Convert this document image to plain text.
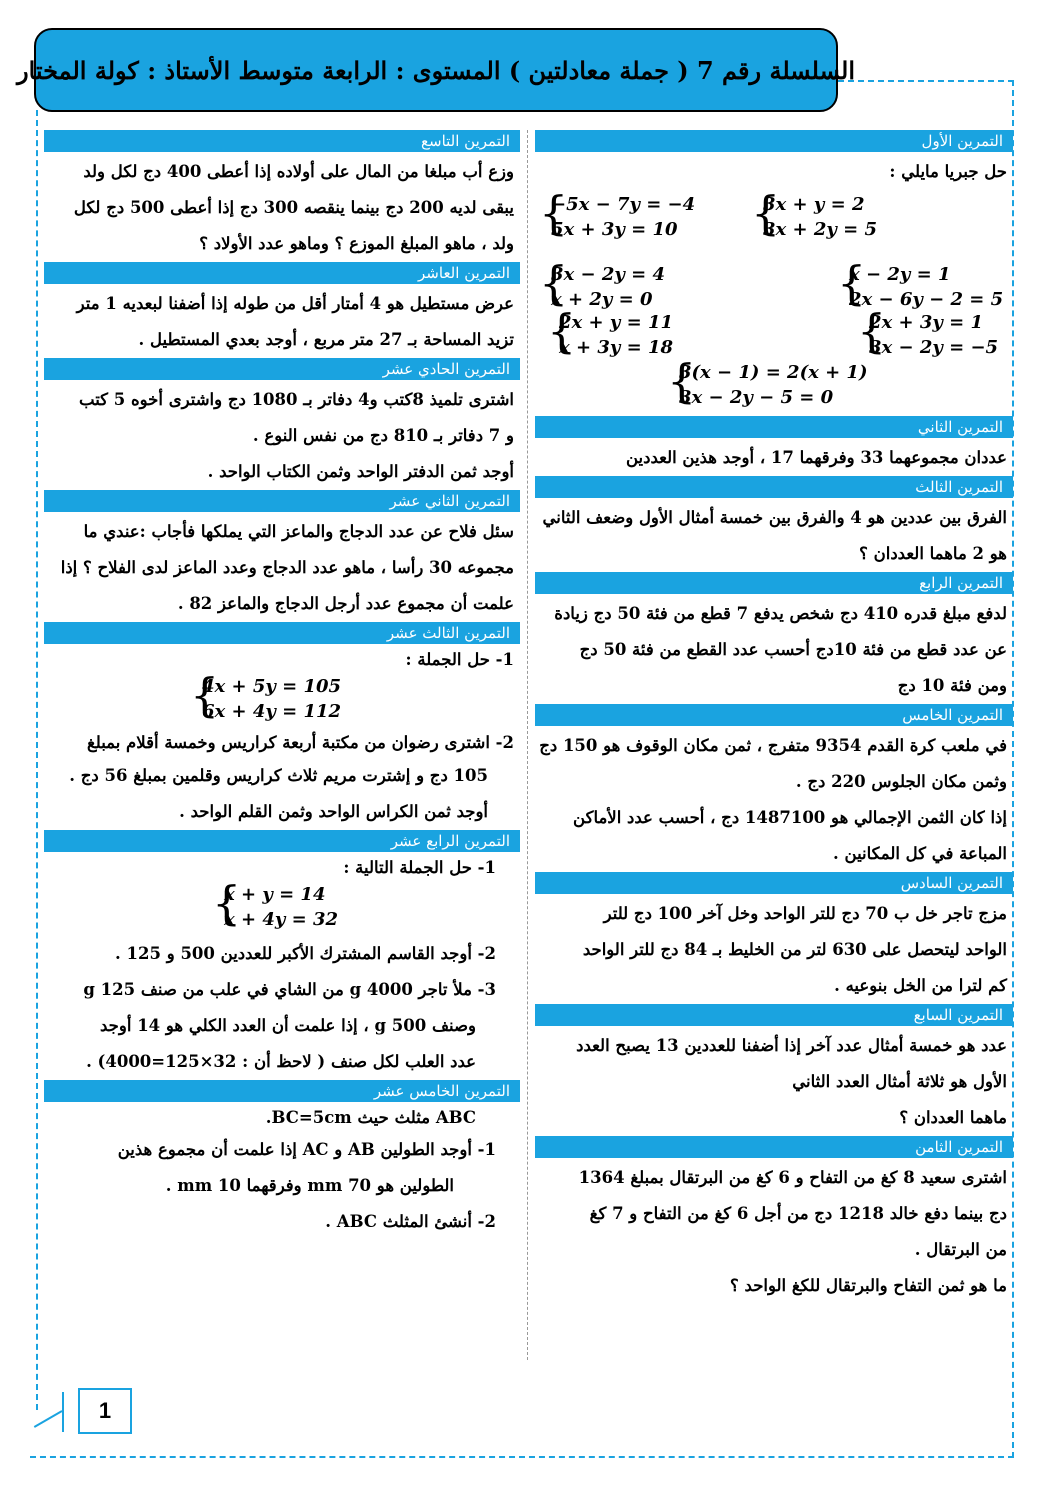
السلسلة رقم 7 ( جملة معادلتين ) المستوى : الرابعة متوسط الأستاذ : كولة المختار
التمرين الأول
حل جبريا مايلي :
{
3x + y = 2
3x + 2y = 5
{
−5x − 7y = −4
5x + 3y = 10
{
x − 2y = 1
2x − 6y − 2 = 5
{
3x − 2y = 4
x + 2y = 0
{
2x + 3y = 1
3x − 2y = −5
{
2x + y = 11
x + 3y = 18
{
3(x − 1) = 2(x + 1)
3x − 2y − 5 = 0
التمرين الثاني
عددان مجموعهما 33 وفرقهما 17 ، أوجد هذين العددين
التمرين الثالث
الفرق بين عددين هو 4 والفرق بين خمسة أمثال الأول وضعف الثاني
هو 2 ماهما العددان ؟
التمرين الرابع
لدفع مبلغ قدره 410 دج شخص يدفع 7 قطع من فئة 50 دج زيادة
عن عدد قطع من فئة 10دج أحسب عدد القطع من فئة 50 دج
ومن فئة 10 دج
التمرين الخامس
في ملعب كرة القدم 9354 متفرج ، ثمن مكان الوقوف هو 150 دج
وثمن مكان الجلوس 220 دج .
إذا كان الثمن الإجمالي هو 1487100 دج ، أحسب عدد الأماكن
المباعة في كل المكانين .
التمرين السادس
مزج تاجر خل ب 70 دج للتر الواحد وخل آخر 100 دج للتر
الواحد ليتحصل على 630 لتر من الخليط بـ 84 دج للتر الواحد
كم لترا من الخل بنوعيه .
التمرين السابع
عدد هو خمسة أمثال عدد آخر إذا أضفنا للعددين 13 يصبح العدد
الأول هو ثلاثة أمثال العدد الثاني
ماهما العددان ؟
التمرين الثامن
اشترى سعيد 8 كغ من التفاح و 6 كغ من البرتقال بمبلغ 1364
دج بينما دفع خالد 1218 دج من أجل 6 كغ من التفاح و 7 كغ
من البرتقال .
ما هو ثمن التفاح والبرتقال للكغ الواحد ؟
التمرين التاسع
وزع أب مبلغا من المال على أولاده إذا أعطى 400 دج لكل ولد
يبقى لديه 200 دج بينما ينقصه 300 دج إذا أعطى 500 دج لكل
ولد ، ماهو المبلغ الموزع ؟ وماهو عدد الأولاد ؟
التمرين العاشر
عرض مستطيل هو 4 أمتار أقل من طوله إذا أضفنا لبعديه 1 متر
تزيد المساحة بـ 27 متر مربع ، أوجد بعدي المستطيل .
التمرين الحادي عشر
اشترى تلميذ 8كتب و4 دفاتر بـ 1080 دج واشترى أخوه 5 كتب
و 7 دفاتر بـ 810 دج من نفس النوع .
أوجد ثمن الدفتر الواحد وثمن الكتاب الواحد .
التمرين الثاني عشر
سئل فلاح عن عدد الدجاج والماعز التي يملكها فأجاب :عندي ما
مجموعه 30 رأسا ، ماهو عدد الدجاج وعدد الماعز لدى الفلاح ؟ إذا
علمت أن مجموع عدد أرجل الدجاج والماعز 82 .
التمرين الثالث عشر
1- حل الجملة :
{
4x + 5y = 105
6x + 4y = 112
2- اشترى رضوان من مكتبة أربعة كراريس وخمسة أقلام بمبلغ
105 دج و إشترت مريم ثلاث كراريس وقلمين بمبلغ 56 دج .
أوجد ثمن الكراس الواحد وثمن القلم الواحد .
التمرين الرابع عشر
1- حل الجملة التالية :
{
x + y = 14
x + 4y = 32
2- أوجد القاسم المشترك الأكبر للعددين 500 و 125 .
3- ملأ تاجر 4000 g من الشاي في علب من صنف 125 g
وصنف 500 g ، إذا علمت أن العدد الكلي هو 14 أوجد
عدد العلب لكل صنف ( لاحظ أن : 32×125=4000) .
التمرين الخامس عشر
ABC مثلث حيث BC=5cm.
1- أوجد الطولين AB و AC إذا علمت أن مجموع هذين
الطولين هو 70 mm وفرقهما 10 mm .
2- أنشئ المثلث ABC .
1
